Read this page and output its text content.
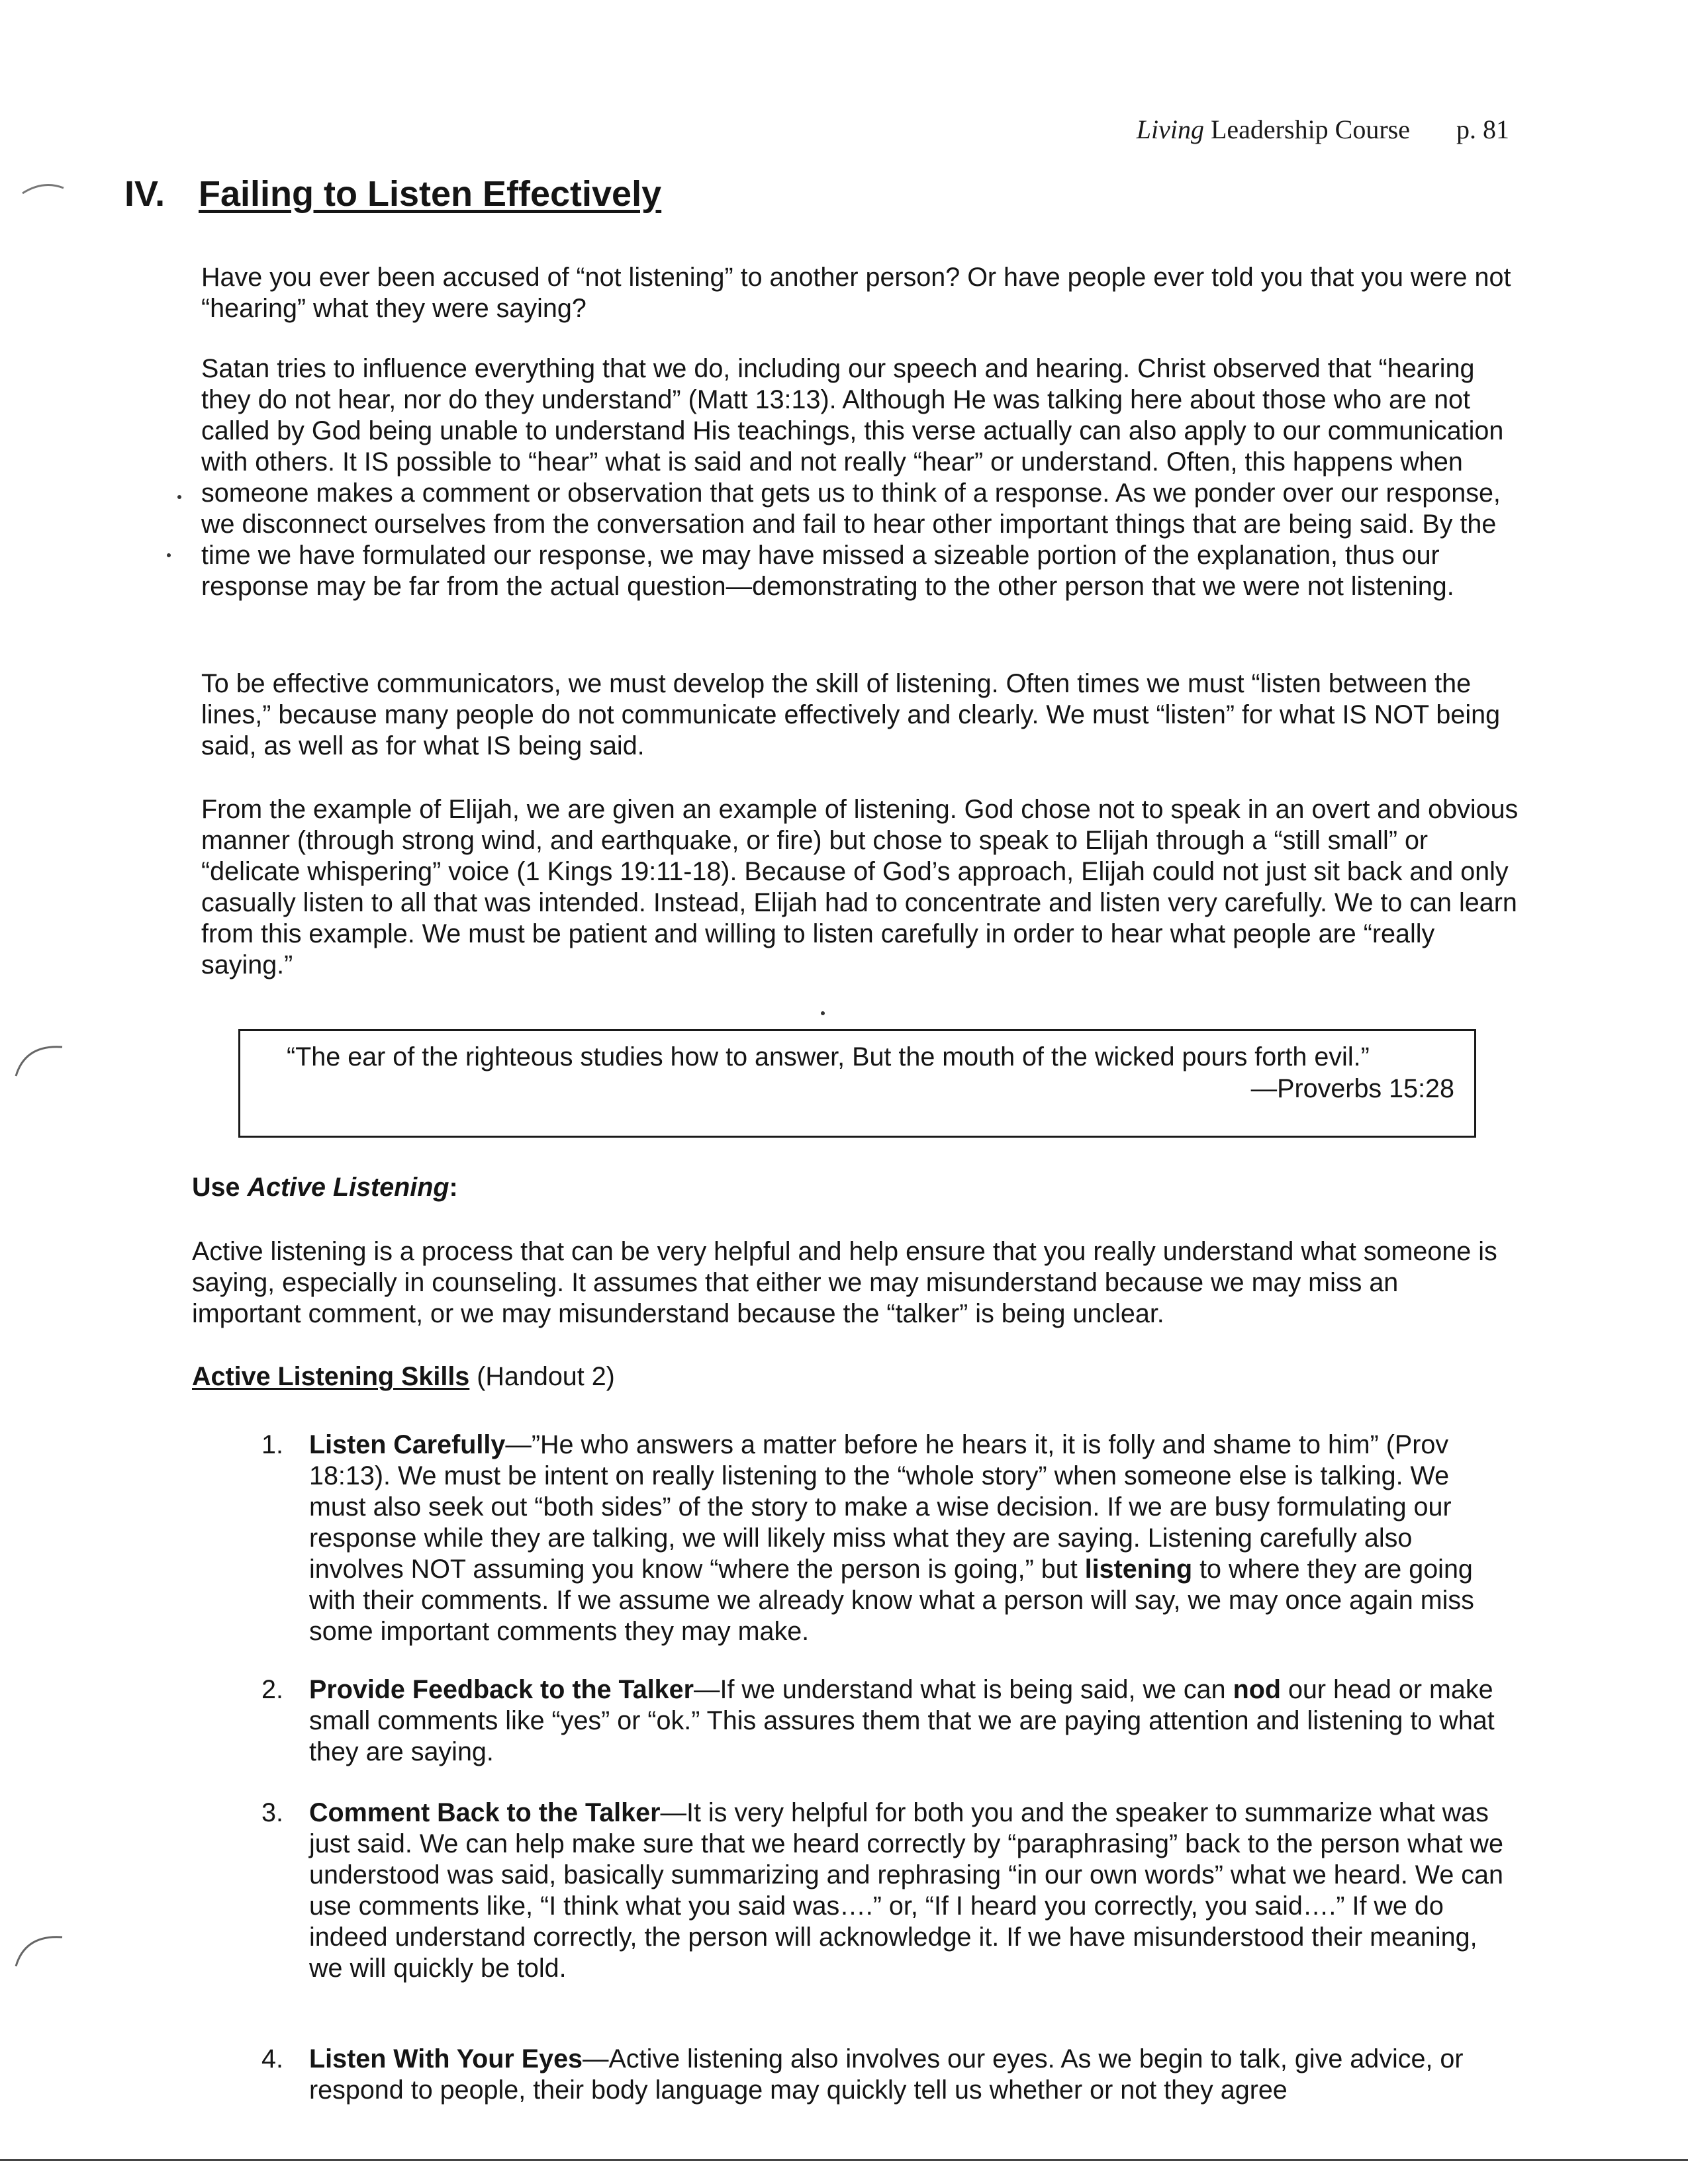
Living Leadership Course p. 81
IV. Failing to Listen Effectively

Have you ever been accused of “not listening” to another person? Or have people ever told you that you were not “hearing” what they were saying?

Satan tries to influence everything that we do, including our speech and hearing. Christ observed that “hearing they do not hear, nor do they understand” (Matt 13:13). Although He was talking here about those who are not called by God being unable to understand His teachings, this verse actually can also apply to our communication with others. It IS possible to “hear” what is said and not really “hear” or understand. Often, this happens when someone makes a comment or observation that gets us to think of a response. As we ponder over our response, we disconnect ourselves from the conversation and fail to hear other important things that are being said. By the time we have formulated our response, we may have missed a sizeable portion of the explanation, thus our response may be far from the actual question—demonstrating to the other person that we were not listening.

To be effective communicators, we must develop the skill of listening. Often times we must “listen between the lines,” because many people do not communicate effectively and clearly. We must “listen” for what IS NOT being said, as well as for what IS being said.

From the example of Elijah, we are given an example of listening. God chose not to speak in an overt and obvious manner (through strong wind, and earthquake, or fire) but chose to speak to Elijah through a “still small” or “delicate whispering” voice (1 Kings 19:11-18). Because of God’s approach, Elijah could not just sit back and only casually listen to all that was intended. Instead, Elijah had to concentrate and listen very carefully. We to can learn from this example. We must be patient and willing to listen carefully in order to hear what people are “really saying.”

“The ear of the righteous studies how to answer, But the mouth of the wicked pours forth evil.”
—Proverbs 15:28
Use Active Listening:

Active listening is a process that can be very helpful and help ensure that you really understand what someone is saying, especially in counseling. It assumes that either we may misunderstand because we may miss an important comment, or we may misunderstand because the “talker” is being unclear.

Active Listening Skills (Handout 2)

1. Listen Carefully—”He who answers a matter before he hears it, it is folly and shame to him” (Prov 18:13). We must be intent on really listening to the “whole story” when someone else is talking. We must also seek out “both sides” of the story to make a wise decision. If we are busy formulating our response while they are talking, we will likely miss what they are saying. Listening carefully also involves NOT assuming you know “where the person is going,” but listening to where they are going with their comments. If we assume we already know what a person will say, we may once again miss some important comments they may make.
2. Provide Feedback to the Talker—If we understand what is being said, we can nod our head or make small comments like “yes” or “ok.” This assures them that we are paying attention and listening to what they are saying.
3. Comment Back to the Talker—It is very helpful for both you and the speaker to summarize what was just said. We can help make sure that we heard correctly by “paraphrasing” back to the person what we understood was said, basically summarizing and rephrasing “in our own words” what we heard. We can use comments like, “I think what you said was….” or, “If I heard you correctly, you said….” If we do indeed understand correctly, the person will acknowledge it. If we have misunderstood their meaning, we will quickly be told.
4. Listen With Your Eyes—Active listening also involves our eyes. As we begin to talk, give advice, or respond to people, their body language may quickly tell us whether or not they agree
